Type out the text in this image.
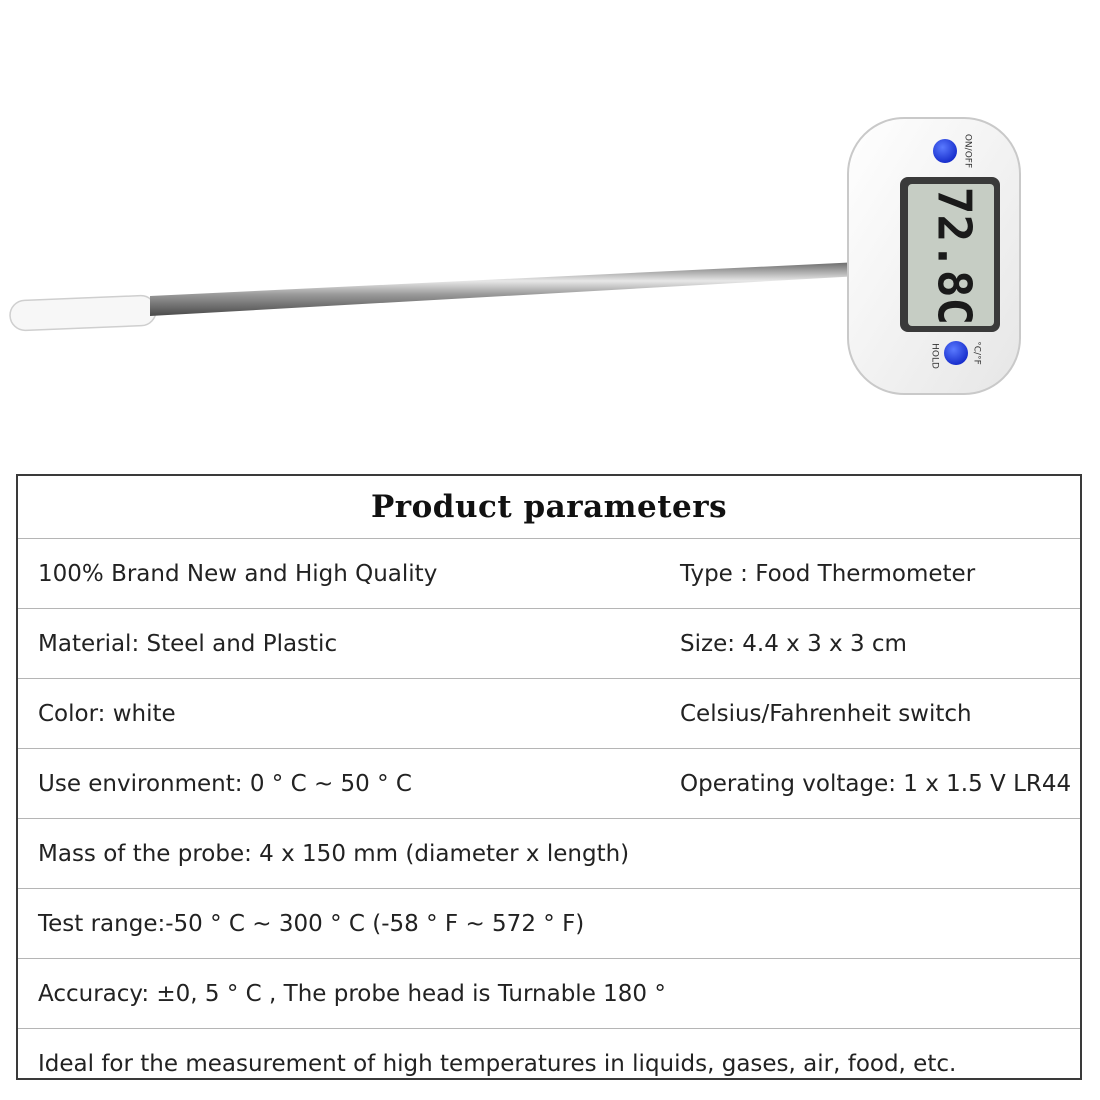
72.8C
ON/OFF
HOLD	°C/°F
Product parameters
100% Brand New and High Quality	Type : Food Thermometer
Material: Steel and Plastic	Size: 4.4 x 3 x 3 cm
Color: white	Celsius/Fahrenheit switch
Use environment: 0 ° C ~ 50 ° C	Operating voltage: 1 x 1.5 V LR44
Mass of the probe: 4 x 150 mm (diameter x length)
Test range:-50 ° C ~ 300 ° C (-58 ° F ~ 572 ° F)
Accuracy: ±0, 5 ° C , The probe head is Turnable 180 °
Ideal for the measurement of high temperatures in liquids, gases, air, food, etc.
